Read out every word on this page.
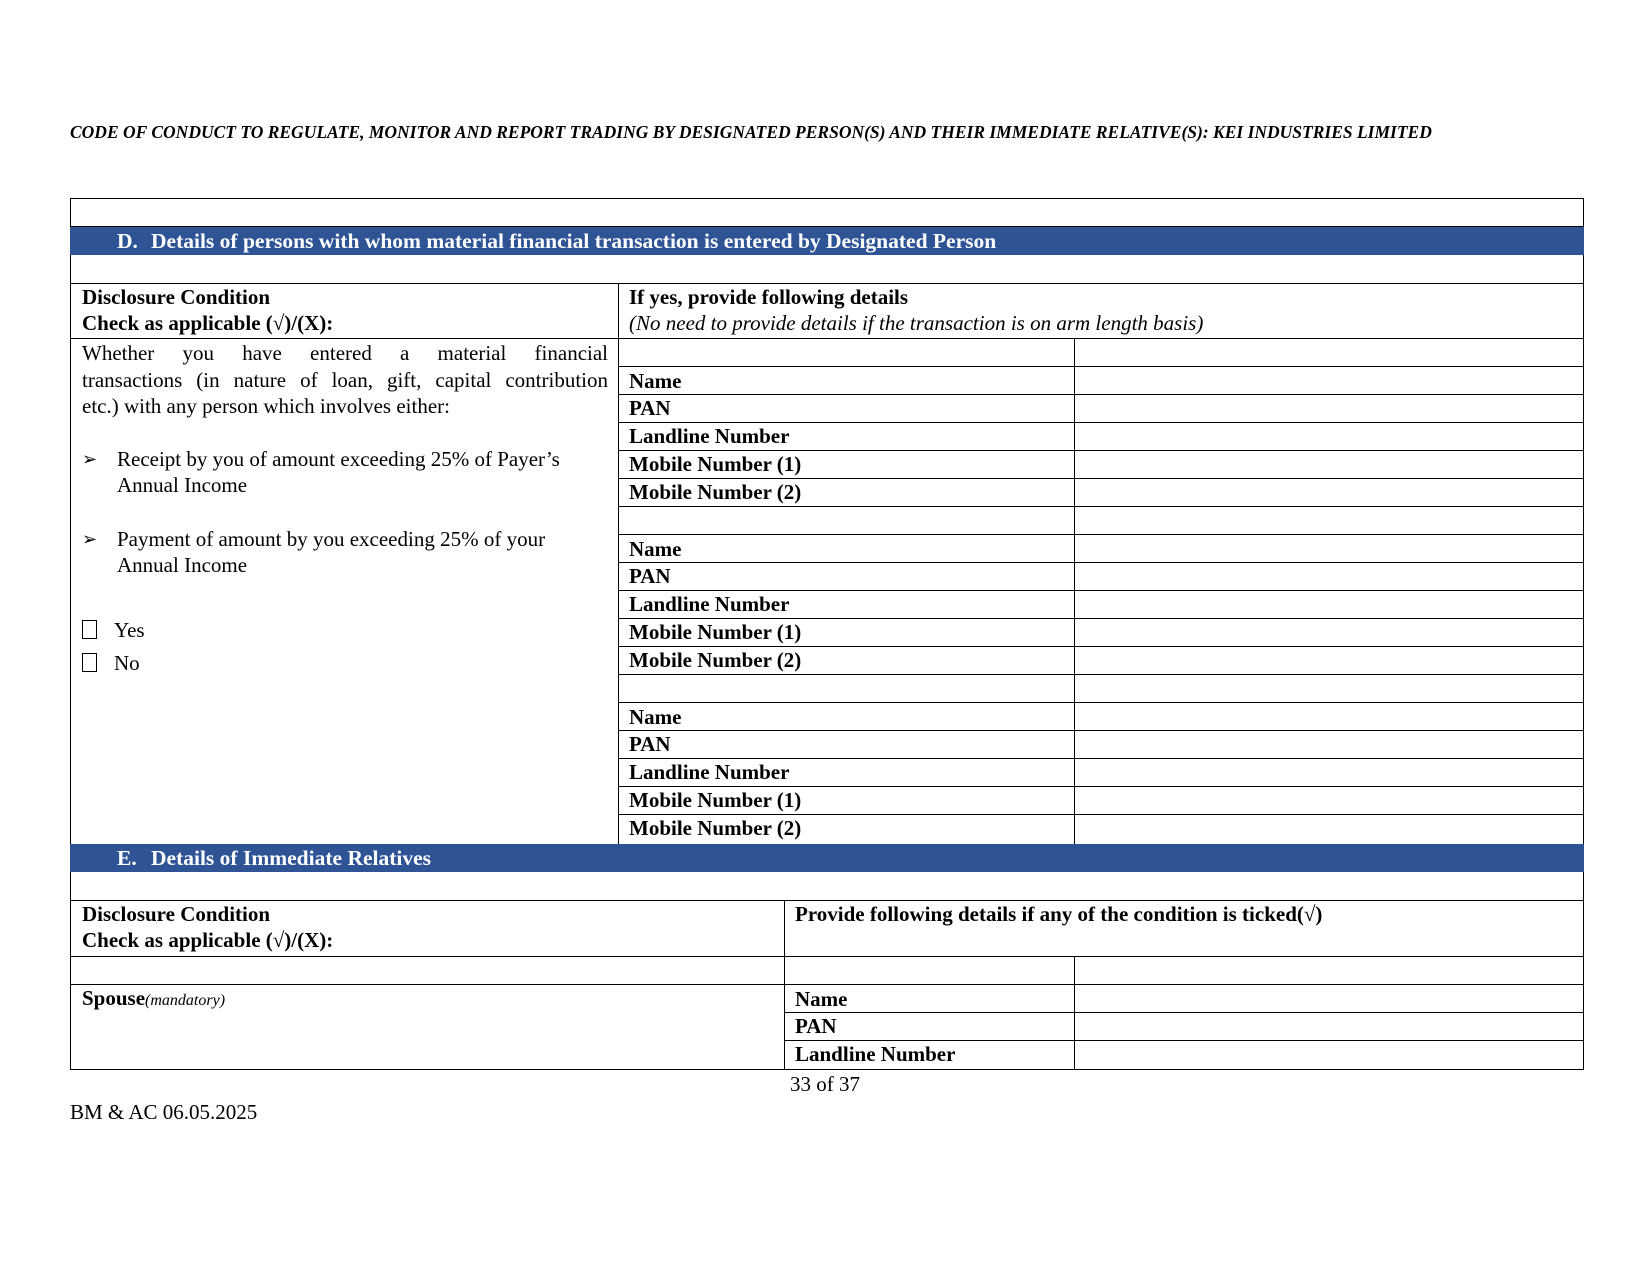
CODE OF CONDUCT TO REGULATE, MONITOR AND REPORT TRADING BY DESIGNATED PERSON(S) AND THEIR IMMEDIATE RELATIVE(S): KEI INDUSTRIES LIMITED
D. Details of persons with whom material financial transaction is entered by Designated Person
E. Details of Immediate Relatives
Disclosure Condition
Check as applicable (√)/(X):
If yes, provide following details
(No need to provide details if the transaction is on arm length basis)
Whether you have entered a material financial
transactions (in nature of loan, gift, capital contribution
etc.) with any person which involves either:
➢ Receipt by you of amount exceeding 25% of Payer’s
Annual Income
➢ Payment of amount by you exceeding 25% of your
Annual Income
Yes
No
Name
PAN
Landline Number
Mobile Number (1)
Mobile Number (2)
Name
PAN
Landline Number
Mobile Number (1)
Mobile Number (2)
Name
PAN
Landline Number
Mobile Number (1)
Mobile Number (2)
Disclosure Condition
Check as applicable (√)/(X):
Provide following details if any of the condition is ticked(√)
Spouse(mandatory)	Name
PAN
Landline Number
33 of 37
BM & AC 06.05.2025
